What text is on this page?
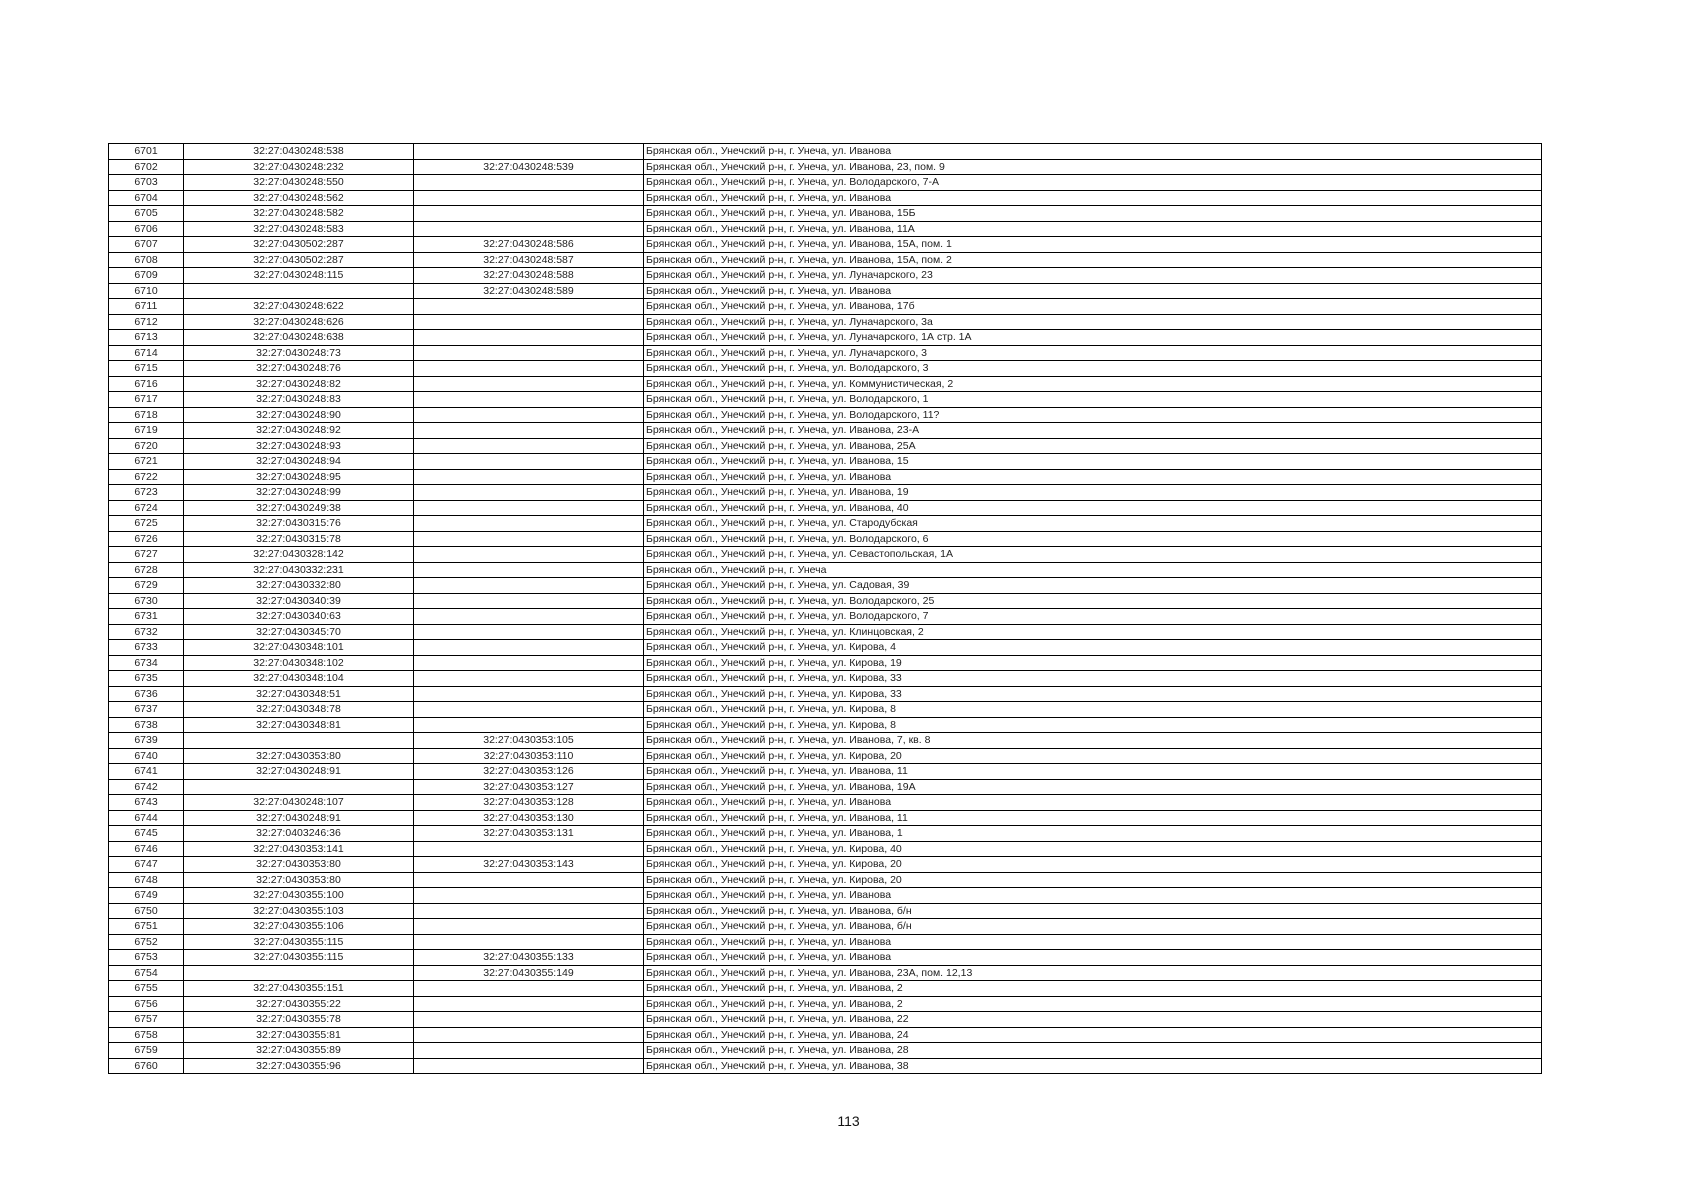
6701	32:27:0430248:538		Брянская обл., Унечский р-н, г. Унеча, ул. Иванова
6702	32:27:0430248:232	32:27:0430248:539	Брянская обл., Унечский р-н, г. Унеча, ул. Иванова, 23, пом. 9
6703	32:27:0430248:550		Брянская обл., Унечский р-н, г. Унеча, ул. Володарского, 7-А
6704	32:27:0430248:562		Брянская обл., Унечский р-н, г. Унеча, ул. Иванова
6705	32:27:0430248:582		Брянская обл., Унечский р-н, г. Унеча, ул. Иванова, 15Б
6706	32:27:0430248:583		Брянская обл., Унечский р-н, г. Унеча, ул. Иванова, 11А
6707	32:27:0430502:287	32:27:0430248:586	Брянская обл., Унечский р-н, г. Унеча, ул. Иванова, 15А, пом. 1
6708	32:27:0430502:287	32:27:0430248:587	Брянская обл., Унечский р-н, г. Унеча, ул. Иванова, 15А, пом. 2
6709	32:27:0430248:115	32:27:0430248:588	Брянская обл., Унечский р-н, г. Унеча, ул. Луначарского, 23
6710		32:27:0430248:589	Брянская обл., Унечский р-н, г. Унеча, ул. Иванова
6711	32:27:0430248:622		Брянская обл., Унечский р-н, г. Унеча, ул. Иванова, 17б
6712	32:27:0430248:626		Брянская обл., Унечский р-н, г. Унеча, ул. Луначарского, 3а
6713	32:27:0430248:638		Брянская обл., Унечский р-н, г. Унеча, ул. Луначарского, 1А стр. 1А
6714	32:27:0430248:73		Брянская обл., Унечский р-н, г. Унеча, ул. Луначарского, 3
6715	32:27:0430248:76		Брянская обл., Унечский р-н, г. Унеча, ул. Володарского, 3
6716	32:27:0430248:82		Брянская обл., Унечский р-н, г. Унеча, ул. Коммунистическая, 2
6717	32:27:0430248:83		Брянская обл., Унечский р-н, г. Унеча, ул. Володарского, 1
6718	32:27:0430248:90		Брянская обл., Унечский р-н, г. Унеча, ул. Володарского, 11?
6719	32:27:0430248:92		Брянская обл., Унечский р-н, г. Унеча, ул. Иванова, 23-А
6720	32:27:0430248:93		Брянская обл., Унечский р-н, г. Унеча, ул. Иванова, 25А
6721	32:27:0430248:94		Брянская обл., Унечский р-н, г. Унеча, ул. Иванова, 15
6722	32:27:0430248:95		Брянская обл., Унечский р-н, г. Унеча, ул. Иванова
6723	32:27:0430248:99		Брянская обл., Унечский р-н, г. Унеча, ул. Иванова, 19
6724	32:27:0430249:38		Брянская обл., Унечский р-н, г. Унеча, ул. Иванова, 40
6725	32:27:0430315:76		Брянская обл., Унечский р-н, г. Унеча, ул. Стародубская
6726	32:27:0430315:78		Брянская обл., Унечский р-н, г. Унеча, ул. Володарского, 6
6727	32:27:0430328:142		Брянская обл., Унечский р-н, г. Унеча, ул. Севастопольская, 1А
6728	32:27:0430332:231		Брянская обл., Унечский р-н, г. Унеча
6729	32:27:0430332:80		Брянская обл., Унечский р-н, г. Унеча, ул. Садовая, 39
6730	32:27:0430340:39		Брянская обл., Унечский р-н, г. Унеча, ул. Володарского, 25
6731	32:27:0430340:63		Брянская обл., Унечский р-н, г. Унеча, ул. Володарского, 7
6732	32:27:0430345:70		Брянская обл., Унечский р-н, г. Унеча, ул. Клинцовская, 2
6733	32:27:0430348:101		Брянская обл., Унечский р-н, г. Унеча, ул. Кирова, 4
6734	32:27:0430348:102		Брянская обл., Унечский р-н, г. Унеча, ул. Кирова, 19
6735	32:27:0430348:104		Брянская обл., Унечский р-н, г. Унеча, ул. Кирова, 33
6736	32:27:0430348:51		Брянская обл., Унечский р-н, г. Унеча, ул. Кирова, 33
6737	32:27:0430348:78		Брянская обл., Унечский р-н, г. Унеча, ул. Кирова, 8
6738	32:27:0430348:81		Брянская обл., Унечский р-н, г. Унеча, ул. Кирова, 8
6739		32:27:0430353:105	Брянская обл., Унечский р-н, г. Унеча, ул. Иванова, 7, кв. 8
6740	32:27:0430353:80	32:27:0430353:110	Брянская обл., Унечский р-н, г. Унеча, ул. Кирова, 20
6741	32:27:0430248:91	32:27:0430353:126	Брянская обл., Унечский р-н, г. Унеча, ул. Иванова, 11
6742		32:27:0430353:127	Брянская обл., Унечский р-н, г. Унеча, ул. Иванова, 19А
6743	32:27:0430248:107	32:27:0430353:128	Брянская обл., Унечский р-н, г. Унеча, ул. Иванова
6744	32:27:0430248:91	32:27:0430353:130	Брянская обл., Унечский р-н, г. Унеча, ул. Иванова, 11
6745	32:27:0403246:36	32:27:0430353:131	Брянская обл., Унечский р-н, г. Унеча, ул. Иванова, 1
6746	32:27:0430353:141		Брянская обл., Унечский р-н, г. Унеча, ул. Кирова, 40
6747	32:27:0430353:80	32:27:0430353:143	Брянская обл., Унечский р-н, г. Унеча, ул. Кирова, 20
6748	32:27:0430353:80		Брянская обл., Унечский р-н, г. Унеча, ул. Кирова, 20
6749	32:27:0430355:100		Брянская обл., Унечский р-н, г. Унеча, ул. Иванова
6750	32:27:0430355:103		Брянская обл., Унечский р-н, г. Унеча, ул. Иванова, б/н
6751	32:27:0430355:106		Брянская обл., Унечский р-н, г. Унеча, ул. Иванова, б/н
6752	32:27:0430355:115		Брянская обл., Унечский р-н, г. Унеча, ул. Иванова
6753	32:27:0430355:115	32:27:0430355:133	Брянская обл., Унечский р-н, г. Унеча, ул. Иванова
6754		32:27:0430355:149	Брянская обл., Унечский р-н, г. Унеча, ул. Иванова, 23А, пом. 12,13
6755	32:27:0430355:151		Брянская обл., Унечский р-н, г. Унеча, ул. Иванова, 2
6756	32:27:0430355:22		Брянская обл., Унечский р-н, г. Унеча, ул. Иванова, 2
6757	32:27:0430355:78		Брянская обл., Унечский р-н, г. Унеча, ул. Иванова, 22
6758	32:27:0430355:81		Брянская обл., Унечский р-н, г. Унеча, ул. Иванова, 24
6759	32:27:0430355:89		Брянская обл., Унечский р-н, г. Унеча, ул. Иванова, 28
6760	32:27:0430355:96		Брянская обл., Унечский р-н, г. Унеча, ул. Иванова, 38
113
